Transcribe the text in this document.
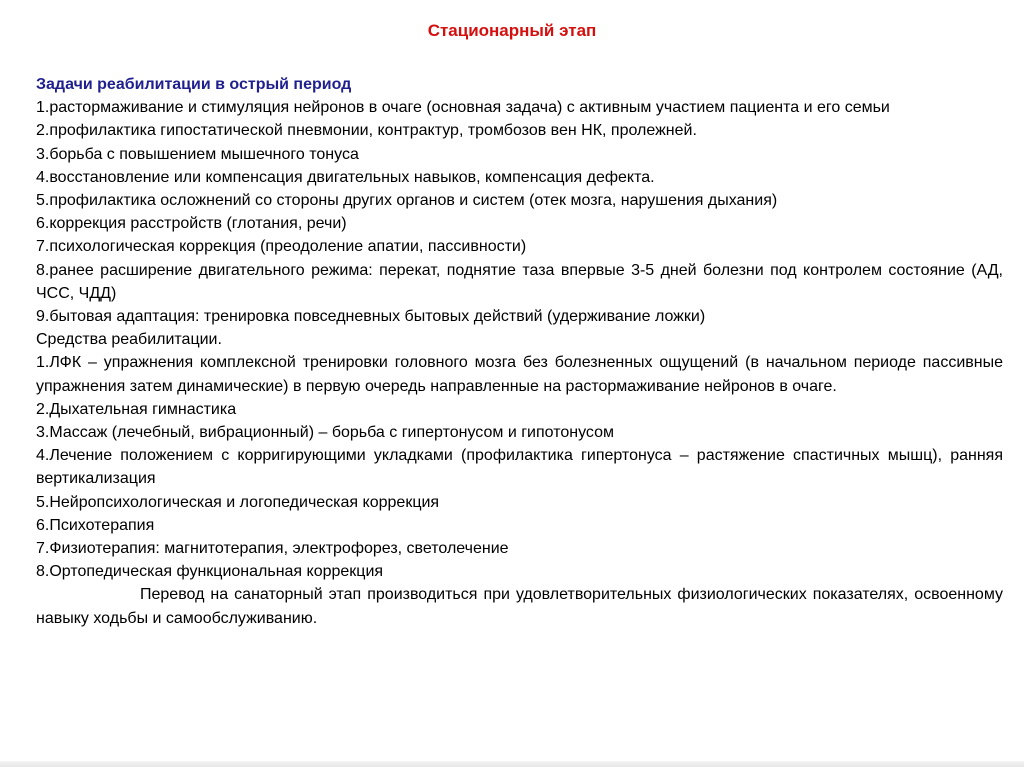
Стационарный этап

Задачи реабилитации в острый период

1.растормаживание и стимуляция нейронов в очаге (основная задача) с активным участием пациента и его семьи

2.профилактика гипостатической пневмонии, контрактур, тромбозов вен НК, пролежней.

3.борьба с повышением мышечного тонуса

4.восстановление или компенсация двигательных навыков, компенсация дефекта.

5.профилактика осложнений со стороны других органов и систем (отек мозга, нарушения дыхания)

6.коррекция расстройств (глотания, речи)

7.психологическая коррекция (преодоление апатии, пассивности)

8.ранее расширение двигательного режима: перекат, поднятие таза впервые 3-5 дней болезни под контролем состояние (АД, ЧСС, ЧДД)

9.бытовая адаптация: тренировка повседневных бытовых действий (удерживание ложки)

Средства реабилитации.

1.ЛФК – упражнения комплексной тренировки головного мозга без болезненных ощущений (в начальном периоде пассивные упражнения затем динамические) в первую очередь направленные на растормаживание нейронов в очаге.

2.Дыхательная гимнастика

3.Массаж (лечебный, вибрационный) – борьба с гипертонусом и гипотонусом

4.Лечение положением с корригирующими укладками (профилактика гипертонуса – растяжение спастичных мышц), ранняя вертикализация

5.Нейропсихологическая и логопедическая коррекция

6.Психотерапия

7.Физиотерапия: магнитотерапия, электрофорез, светолечение

8.Ортопедическая функциональная коррекция

Перевод на санаторный этап производиться при удовлетворительных физиологических показателях, освоенному навыку ходьбы и самообслуживанию.
